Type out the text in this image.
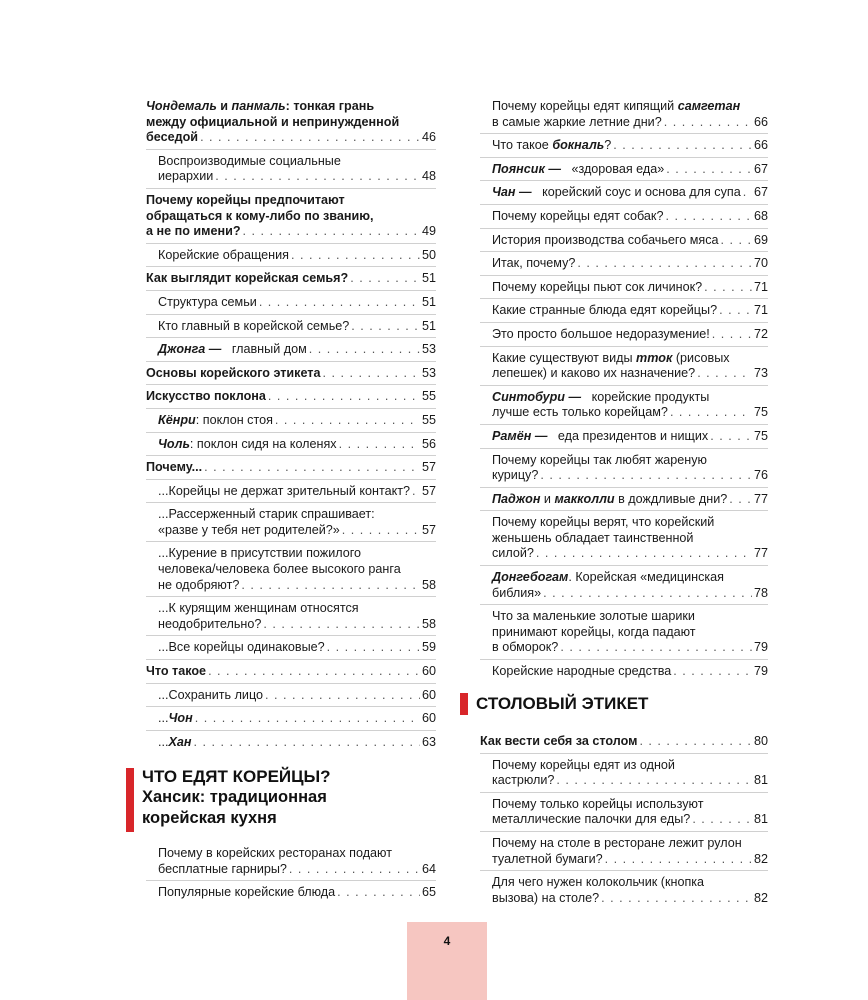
Чондемаль и панмаль: тонкая грань
между официальной и непринужденной
беседой . . .	46
Воспроизводимые социальные
иерархии . . .	48
Почему корейцы предпочитают
обращаться к кому-либо по званию,
а не по имени? . . .	49
Корейские обращения . . .	50
Как выглядит корейская семья? . . .	51
Структура семьи . . .	51
Кто главный в корейской семье? . . .	51
Джонга —   главный дом . . .	53
Основы корейского этикета . . .	53
Искусство поклона . . .	55
Кёнри: поклон стоя . . .	55
Чоль: поклон сидя на коленях . . .	56
Почему... . . .	57
...Корейцы не держат зрительный контакт? . . . 57
...Рассерженный старик спрашивает:
«разве у тебя нет родителей?» . . .	57
...Курение в присутствии пожилого
человека/человека более высокого ранга
не одобряют? . . .	58
...К курящим женщинам относятся
неодобрительно? . . .	58
...Все корейцы одинаковые? . . .	59
Что такое . . .	60
...Сохранить лицо . . .	60
...Чон . . .	60
...Хан . . .	63
ЧТО ЕДЯТ КОРЕЙЦЫ?
Хансик: традиционная
корейская кухня
Почему в корейских ресторанах подают
бесплатные гарниры? . . .	64
Популярные корейские блюда . . .	65
Почему корейцы едят кипящий самгетан
в самые жаркие летние дни? . . .	66
Что такое бокналь? . . .	66
Поянсик —   «здоровая еда» . . .	67
Чан —   корейский соус и основа для супа . . . 67
Почему корейцы едят собак? . . .	68
История производства собачьего мяса . . .	69
Итак, почему? . . .	70
Почему корейцы пьют сок личинок? . . .	71
Какие странные блюда едят корейцы? . . .	71
Это просто большое недоразумение! . . .	72
Какие существуют виды тток (рисовых
лепешек) и каково их назначение? . . .	73
Синтобури —   корейские продукты
лучше есть только корейцам? . . .	75
Рамён —   еда президентов и нищих . . .	75
Почему корейцы так любят жареную
курицу? . . .	76
Паджон и макколли в дождливые дни? . . . 77
Почему корейцы верят, что корейский
женьшень обладает таинственной
силой? . . .	77
Донгебогам. Корейская «медицинская
библия» . . .	78
Что за маленькие золотые шарики
принимают корейцы, когда падают
в обморок? . . .	79
Корейские народные средства . . .	79
СТОЛОВЫЙ ЭТИКЕТ
Как вести себя за столом . . .	80
Почему корейцы едят из одной
кастрюли? . . .	81
Почему только корейцы используют
металлические палочки для еды? . . .	81
Почему на столе в ресторане лежит рулон
туалетной бумаги? . . .	82
Для чего нужен колокольчик (кнопка
вызова) на столе? . . .	82
4
